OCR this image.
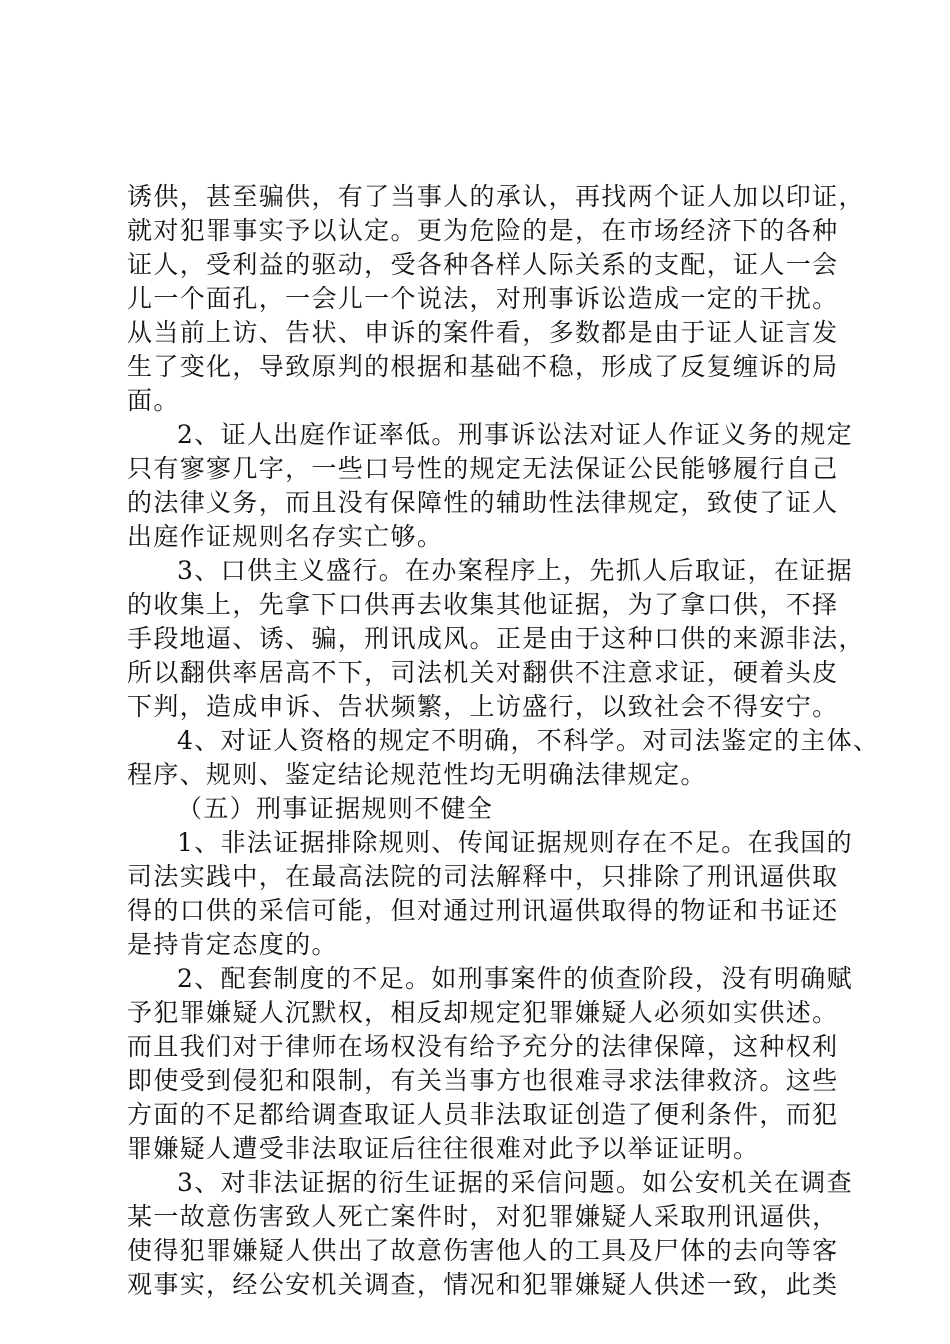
诱供，甚至骗供，有了当事人的承认，再找两个证人加以印证，
就对犯罪事实予以认定。更为危险的是，在市场经济下的各种
证人，受利益的驱动，受各种各样人际关系的支配，证人一会
儿一个面孔，一会儿一个说法，对刑事诉讼造成一定的干扰。
从当前上访、告状、申诉的案件看，多数都是由于证人证言发
生了变化，导致原判的根据和基础不稳，形成了反复缠诉的局
面。
2、证人出庭作证率低。刑事诉讼法对证人作证义务的规定
只有寥寥几字，一些口号性的规定无法保证公民能够履行自己
的法律义务，而且没有保障性的辅助性法律规定，致使了证人
出庭作证规则名存实亡够。
3、口供主义盛行。在办案程序上，先抓人后取证，在证据
的收集上，先拿下口供再去收集其他证据，为了拿口供，不择
手段地逼、诱、骗，刑讯成风。正是由于这种口供的来源非法，
所以翻供率居高不下，司法机关对翻供不注意求证，硬着头皮
下判，造成申诉、告状频繁，上访盛行，以致社会不得安宁。
4、对证人资格的规定不明确，不科学。对司法鉴定的主体、
程序、规则、鉴定结论规范性均无明确法律规定。
（五）刑事证据规则不健全
1、非法证据排除规则、传闻证据规则存在不足。在我国的
司法实践中，在最高法院的司法解释中，只排除了刑讯逼供取
得的口供的采信可能，但对通过刑讯逼供取得的物证和书证还
是持肯定态度的。
2、配套制度的不足。如刑事案件的侦查阶段，没有明确赋
予犯罪嫌疑人沉默权，相反却规定犯罪嫌疑人必须如实供述。
而且我们对于律师在场权没有给予充分的法律保障，这种权利
即使受到侵犯和限制，有关当事方也很难寻求法律救济。这些
方面的不足都给调查取证人员非法取证创造了便利条件，而犯
罪嫌疑人遭受非法取证后往往很难对此予以举证证明。
3、对非法证据的衍生证据的采信问题。如公安机关在调查
某一故意伤害致人死亡案件时，对犯罪嫌疑人采取刑讯逼供，
使得犯罪嫌疑人供出了故意伤害他人的工具及尸体的去向等客
观事实，经公安机关调查，情况和犯罪嫌疑人供述一致，此类
